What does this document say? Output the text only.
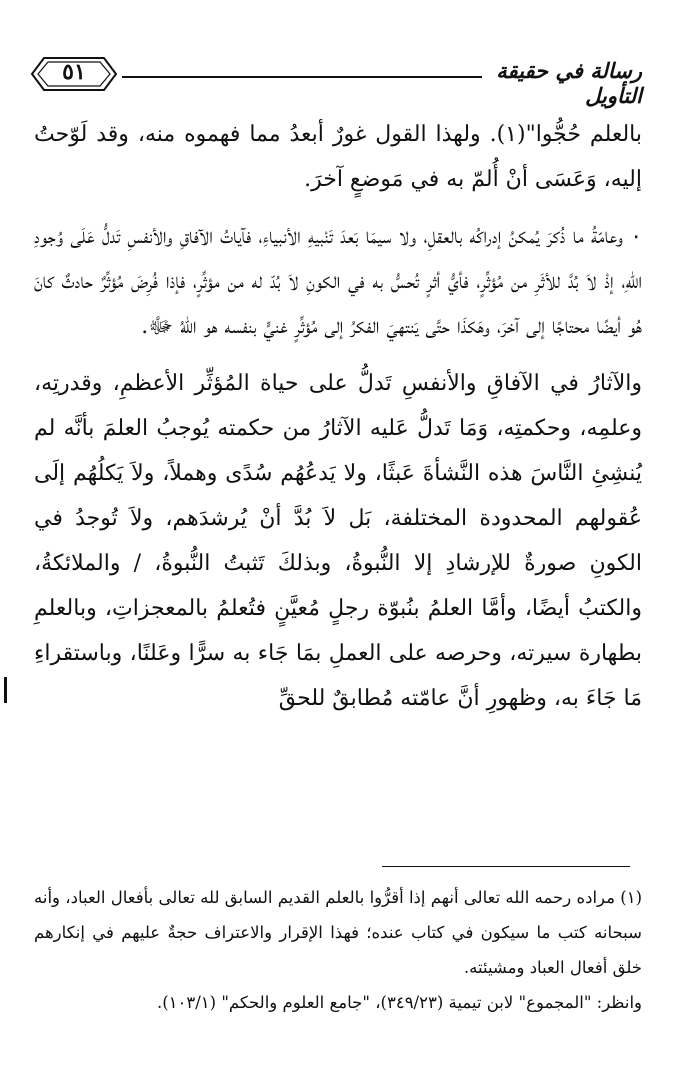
٥١	رسالة في حقيقة التأويل

بالعلم حُجُّوا"(١). ولهذا القول غورٌ أبعدُ مما فهموه منه، وقد لَوّحتُ إليه، وَعَسَى أنْ أُلمّ به في مَوضعٍ آخرَ.

٠ وعامّةُ ما ذُكرَ يُمكنُ إدراكُه بالعقلِ، ولا سيمَا بَعدَ تَنْبيهِ الأنبياءِ، فآياتُ الآفاقِ والأنفسِ تَدلُّ عَلَى وُجودِ اللهِ، إذْ لاَ بُدَّ للأثَرِ من مُؤثِّرٍ، فأيُّ أثرٍ تُحسُّ به في الكونِ لاَ بُدّ له من مؤثِّرٍ، فإذا فُرِضَ مُؤثِّرٌ حادثٌ كانَ هُو أيضًا محتاجًا إلى آخرَ، وهَكذَا حتَّى يَنتهيَ الفكرُ إلى مُؤثِّرٍ غنيٍّ بنفسه هو اللهُ ﷻ.

والآثارُ في الآفاقِ والأنفسِ تَدلُّ على حياة المُؤثِّر الأعظمِ، وقدرتِه، وعلمِه، وحكمتِه، وَمَا تَدلُّ عَليه الآثارُ من حكمته يُوجبُ العلمَ بأنَّه لم يُنشِئِ النَّاسَ هذه النَّشأةَ عَبثًا، ولا يَدعُهُم سُدًى وهملاً، ولاَ يَكلُهُم إلَى عُقولهم المحدودة المختلفة، بَل لاَ بُدَّ أنْ يُرشدَهم، ولاَ تُوجدُ في الكونِ صورةٌ للإرشادِ إلا النُّبوةُ، وبذلكَ تَثبتُ النُّبوةُ، / والملائكةُ، والكتبُ أيضًا، وأمَّا العلمُ بنُبوّة رجلٍ مُعيَّنٍ فتُعلمُ بالمعجزاتِ، وبالعلمِ بطهارة سيرته، وحرصه على العملِ بمَا جَاء به سرًّا وعَلنًا، وباستقراءِ مَا جَاءَ به، وظهورِ أنَّ عامّته مُطابقٌ للحقِّ

(١) مراده رحمه الله تعالى أنهم إذا أقرُّوا بالعلم القديم السابق لله تعالى بأفعال العباد، وأنه سبحانه كتب ما سيكون في كتاب عنده؛ فهذا الإقرار والاعتراف حجةٌ عليهم في إنكارهم خلق أفعال العباد ومشيئته.

وانظر: "المجموع" لابن تيمية (٣٤٩/٢٣)، "جامع العلوم والحكم" (١٠٣/١).
